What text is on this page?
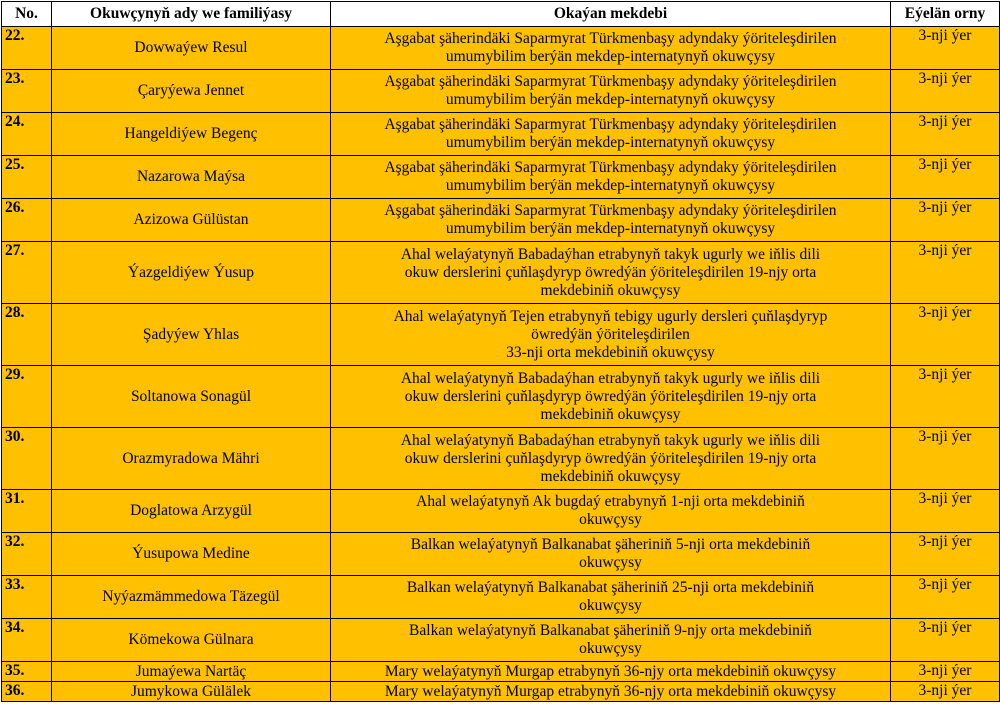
No.	Okuwçynyň ady we familiýasy	Okaýan mekdebi	Eýelän orny
22.	Dowwaýew Resul	Aşgabat şäherindäki Saparmyrat Türkmenbaşy adyndaky ýöriteleşdirilen
umumybilim berýän mekdep-internatynyň okuwçysy	3-nji ýer
23.	Çaryýewa Jennet	Aşgabat şäherindäki Saparmyrat Türkmenbaşy adyndaky ýöriteleşdirilen
umumybilim berýän mekdep-internatynyň okuwçysy	3-nji ýer
24.	Hangeldiýew Begenç	Aşgabat şäherindäki Saparmyrat Türkmenbaşy adyndaky ýöriteleşdirilen
umumybilim berýän mekdep-internatynyň okuwçysy	3-nji ýer
25.	Nazarowa Maýsa	Aşgabat şäherindäki Saparmyrat Türkmenbaşy adyndaky ýöriteleşdirilen
umumybilim berýän mekdep-internatynyň okuwçysy	3-nji ýer
26.	Azizowa Gülüstan	Aşgabat şäherindäki Saparmyrat Türkmenbaşy adyndaky ýöriteleşdirilen
umumybilim berýän mekdep-internatynyň okuwçysy	3-nji ýer
27.	Ýazgeldiýew Ýusup	Ahal welaýatynyň Babadaýhan etrabynyň takyk ugurly we iňlis dili
okuw derslerini çuňlaşdyryp öwredýän ýöriteleşdirilen 19-njy orta
mekdebiniň okuwçysy	3-nji ýer
28.	Şadyýew Yhlas	Ahal welaýatynyň Tejen etrabynyň tebigy ugurly dersleri çuňlaşdyryp
öwredýän ýöriteleşdirilen
33-nji orta mekdebiniň okuwçysy	3-nji ýer
29.	Soltanowa Sonagül	Ahal welaýatynyň Babadaýhan etrabynyň takyk ugurly we iňlis dili
okuw derslerini çuňlaşdyryp öwredýän ýöriteleşdirilen 19-njy orta
mekdebiniň okuwçysy	3-nji ýer
30.	Orazmyradowa Mähri	Ahal welaýatynyň Babadaýhan etrabynyň takyk ugurly we iňlis dili
okuw derslerini çuňlaşdyryp öwredýän ýöriteleşdirilen 19-njy orta
mekdebiniň okuwçysy	3-nji ýer
31.	Doglatowa Arzygül	Ahal welaýatynyň Ak bugdaý etrabynyň 1-nji orta mekdebiniň
okuwçysy	3-nji ýer
32.	Ýusupowa Medine	Balkan welaýatynyň Balkanabat şäheriniň 5-nji orta mekdebiniň
okuwçysy	3-nji ýer
33.	Nyýazmämmedowa Täzegül	Balkan welaýatynyň Balkanabat şäheriniň 25-nji orta mekdebiniň
okuwçysy	3-nji ýer
34.	Kömekowa Gülnara	Balkan welaýatynyň Balkanabat şäheriniň 9-njy orta mekdebiniň
okuwçysy	3-nji ýer
35.	Jumaýewa Nartäç	Mary welaýatynyň Murgap etrabynyň 36-njy orta mekdebiniň okuwçysy	3-nji ýer
36.	Jumykowa Gülälek	Mary welaýatynyň Murgap etrabynyň 36-njy orta mekdebiniň okuwçysy	3-nji ýer
